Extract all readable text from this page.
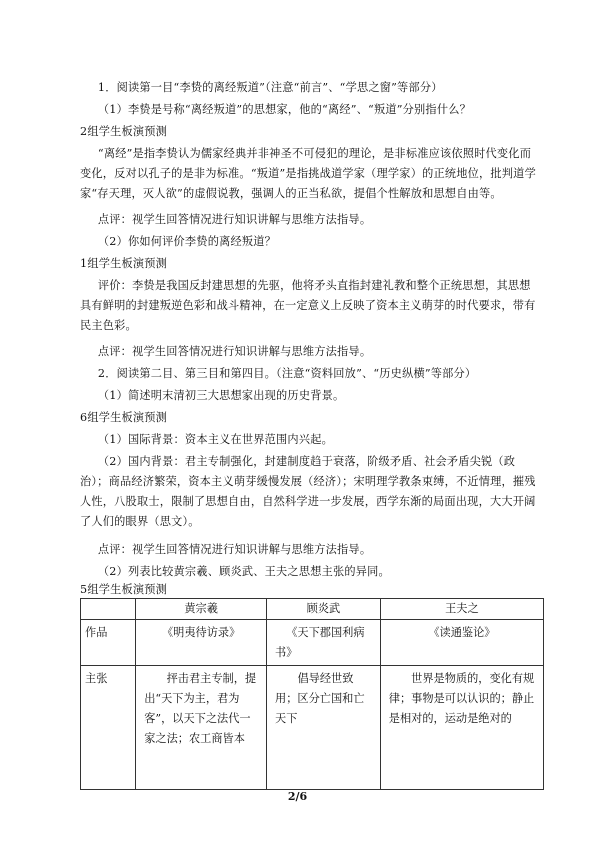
1．阅读第一目“李贽的离经叛道”（注意“前言”、“学思之窗”等部分）

（1）李贽是号称“离经叛道”的思想家，他的“离经”、“叛道”分别指什么？

2组学生板演预测

“离经”是指李贽认为儒家经典并非神圣不可侵犯的理论，是非标准应该依照时代变化而变化，反对以孔子的是非为标准。“叛道”是指挑战道学家（理学家）的正统地位，批判道学家“存天理，灭人欲”的虚假说教，强调人的正当私欲，提倡个性解放和思想自由等。

点评：视学生回答情况进行知识讲解与思维方法指导。

（2）你如何评价李贽的离经叛道？

1组学生板演预测

评价：李贽是我国反封建思想的先驱，他将矛头直指封建礼教和整个正统思想，其思想具有鲜明的封建叛逆色彩和战斗精神，在一定意义上反映了资本主义萌芽的时代要求，带有民主色彩。

点评：视学生回答情况进行知识讲解与思维方法指导。

2．阅读第二目、第三目和第四目。（注意“资料回放”、“历史纵横”等部分）

（1）简述明末清初三大思想家出现的历史背景。

6组学生板演预测

（1）国际背景：资本主义在世界范围内兴起。

（2）国内背景：君主专制强化，封建制度趋于衰落，阶级矛盾、社会矛盾尖锐（政治）；商品经济繁荣，资本主义萌芽缓慢发展（经济）；宋明理学教条束缚，不近情理，摧残人性，八股取士，限制了思想自由，自然科学进一步发展，西学东渐的局面出现，大大开阔了人们的眼界（思文）。

点评：视学生回答情况进行知识讲解与思维方法指导。

（2）列表比较黄宗羲、顾炎武、王夫之思想主张的异同。

5组学生板演预测

	黄宗羲	顾炎武	王夫之
作品	《明夷待访录》	《天下郡国利病书》	《读通鉴论》
主张	抨击君主专制，提出“天下为主，君为客”，以天下之法代一家之法；农工商皆本	倡导经世致用；区分亡国和亡天下	世界是物质的，变化有规律；事物是可以认识的；静止是相对的，运动是绝对的
2/6
